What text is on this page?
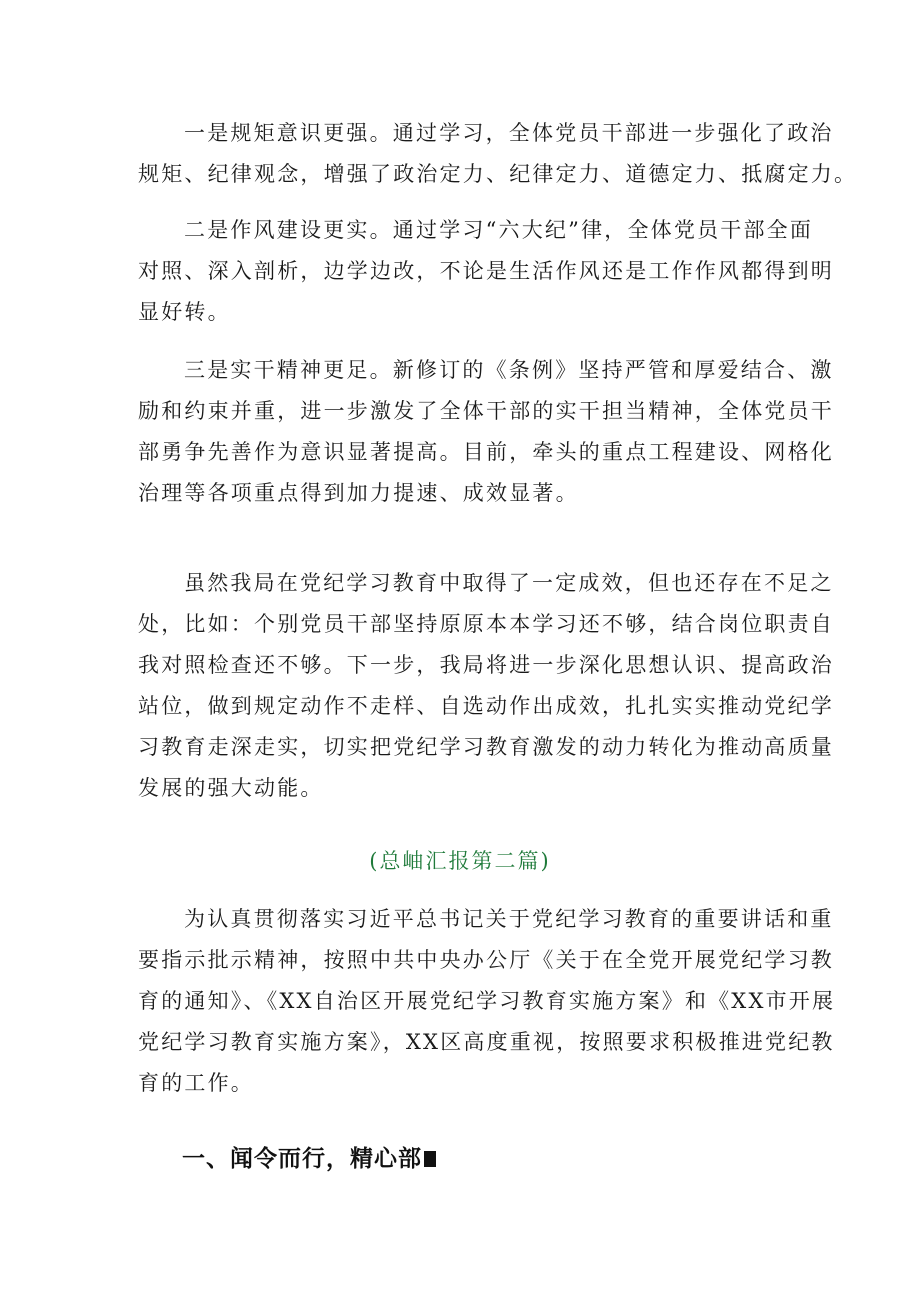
一是规矩意识更强。通过学习，全体党员干部进一步强化了政治
规矩、纪律观念，增强了政治定力、纪律定力、道德定力、抵腐定力。
二是作风建设更实。通过学习“六大纪”律，全体党员干部全面
对照、深入剖析，边学边改，不论是生活作风还是工作作风都得到明
显好转。
三是实干精神更足。新修订的《条例》坚持严管和厚爱结合、激
励和约束并重，进一步激发了全体干部的实干担当精神，全体党员干
部勇争先善作为意识显著提高。目前，牵头的重点工程建设、网格化
治理等各项重点得到加力提速、成效显著。
虽然我局在党纪学习教育中取得了一定成效，但也还存在不足之
处，比如：个别党员干部坚持原原本本学习还不够，结合岗位职责自
我对照检查还不够。下一步，我局将进一步深化思想认识、提高政治
站位，做到规定动作不走样、自选动作出成效，扎扎实实推动党纪学
习教育走深走实，切实把党纪学习教育激发的动力转化为推动高质量
发展的强大动能。
(总岫汇报第二篇)
为认真贯彻落实习近平总书记关于党纪学习教育的重要讲话和重
要指示批示精神，按照中共中央办公厅《关于在全党开展党纪学习教
育的通知》、《XX自治区开展党纪学习教育实施方案》和《XX市开展
党纪学习教育实施方案》，XX区高度重视，按照要求积极推进党纪教
育的工作。
一、闻令而行，精心部
